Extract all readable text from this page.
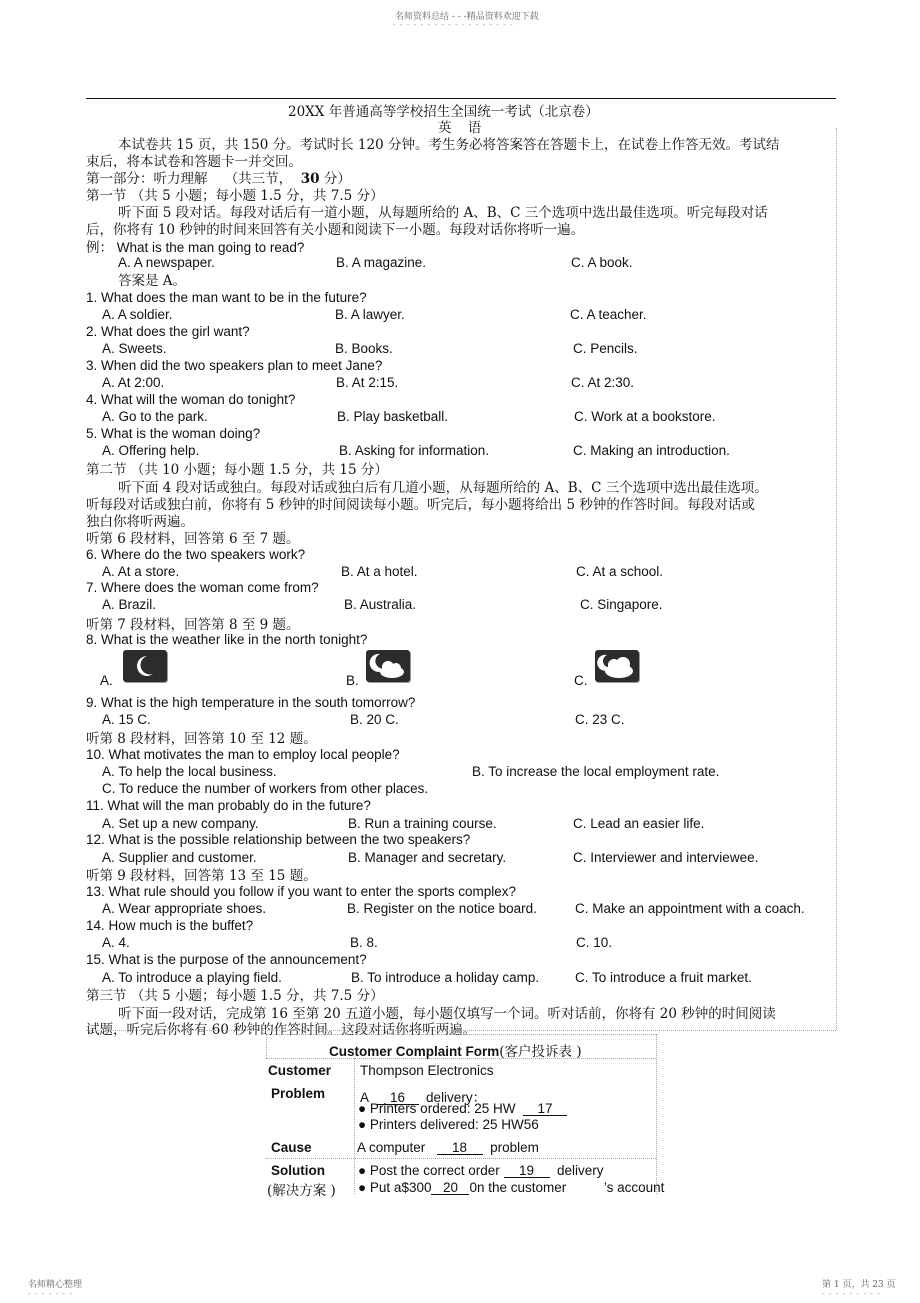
名师资料总结 - - -精品资料欢迎下载
- - - - - - - - - - - - - - - - - -
20XX 年普通高等学校招生全国统一考试（北京卷）
英 语
本试卷共 15 页，共 150 分。考试时长 120 分钟。考生务必将答案答在答题卡上，在试卷上作答无效。考试结
束后，将本试卷和答题卡一并交回。
第一部分：听力理解 （共三节， 30 分）
第一节 （共 5 小题；每小题 1.5 分，共 7.5 分）
听下面 5 段对话。每段对话后有一道小题，从每题所给的 A、B、C 三个选项中选出最佳选项。听完每段对话
后，你将有 10 秒钟的时间来回答有关小题和阅读下一小题。每段对话你将听一遍。
例： What is the man going to read?
A. A newspaper.	B. A magazine.	C. A book.
答案是 A。
1. What does the man want to be in the future?
A. A soldier.	B. A lawyer.	C. A teacher.
2. What does the girl want?
A. Sweets.	B. Books.	C. Pencils.
3. When did the two speakers plan to meet Jane?
A. At 2:00.	B. At 2:15.	C. At 2:30.
4. What will the woman do tonight?
A. Go to the park.	B. Play basketball.	C. Work at a bookstore.
5. What is the woman doing?
A. Offering help.	B. Asking for information.	C. Making an introduction.
第二节 （共 10 小题；每小题 1.5 分，共 15 分）
听下面 4 段对话或独白。每段对话或独白后有几道小题，从每题所给的 A、B、C 三个选项中选出最佳选项。
听每段对话或独白前，你将有 5 秒钟的时间阅读每小题。听完后，每小题将给出 5 秒钟的作答时间。每段对话或
独白你将听两遍。
听第 6 段材料，回答第 6 至 7 题。
6. Where do the two speakers work?
A. At a store.	B. At a hotel.	C. At a school.
7. Where does the woman come from?
A. Brazil.	B. Australia.	C. Singapore.
听第 7 段材料，回答第 8 至 9 题。
8. What is the weather like in the north tonight?
A.	B.	C.
9. What is the high temperature in the south tomorrow?
A. 15 C.	B. 20 C.	C. 23 C.
听第 8 段材料，回答第 10 至 12 题。
10. What motivates the man to employ local people?
A. To help the local business.	B. To increase the local employment rate.
C. To reduce the number of workers from other places.
11. What will the man probably do in the future?
A. Set up a new company.	B. Run a training course.	C. Lead an easier life.
12. What is the possible relationship between the two speakers?
A. Supplier and customer.	B. Manager and secretary.	C. Interviewer and interviewee.
听第 9 段材料，回答第 13 至 15 题。
13. What rule should you follow if you want to enter the sports complex?
A. Wear appropriate shoes.	B. Register on the notice board.	C. Make an appointment with a coach.
14. How much is the buffet?
A. 4.	B. 8.	C. 10.
15. What is the purpose of the announcement?
A. To introduce a playing field.	B. To introduce a holiday camp.	C. To introduce a fruit market.
第三节 （共 5 小题；每小题 1.5 分，共 7.5 分）
听下面一段对话，完成第 16 至第 20 五道小题，每小题仅填写一个词。听对话前，你将有 20 秒钟的时间阅读
试题，听完后你将有 60 秒钟的作答时间。这段对话你将听两遍。
Customer Complaint Form(客户投诉表 )
Customer Thompson Electronics
Problem	A 16 delivery：
● Printers ordered: 25 HW 17
● Printers delivered: 25 HW56
Cause	A computer 18 problem
Solution
(解决方案 )
● Post the correct order 19 delivery
● Put a$300 20 0n the customer	’s account
名师精心整理
- - - - - - -
第 1 页，共 23 页
- - - - - - - - -
